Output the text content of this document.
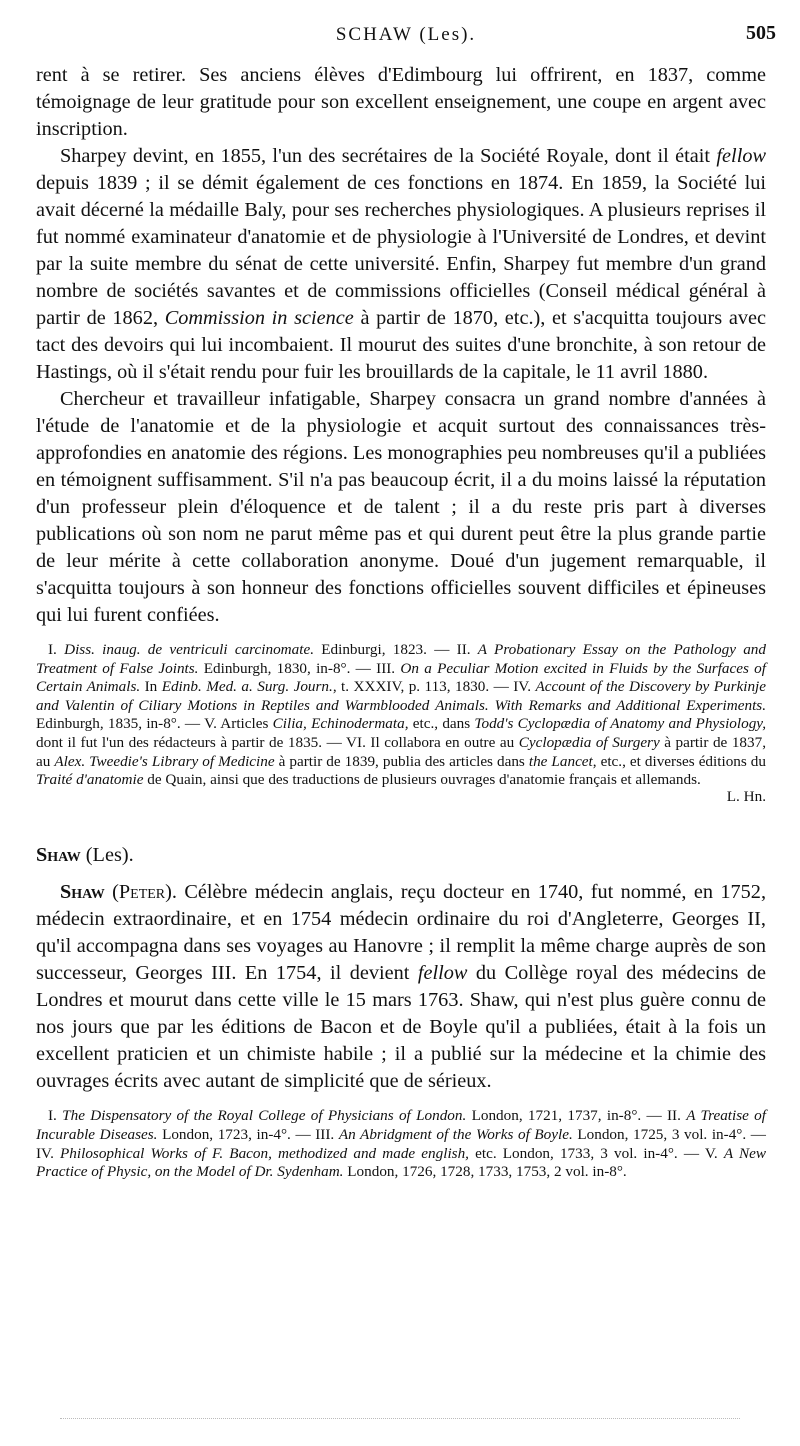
SCHAW (Les).	505

rent à se retirer. Ses anciens élèves d'Edimbourg lui offrirent, en 1837, comme témoignage de leur gratitude pour son excellent enseignement, une coupe en argent avec inscription.

Sharpey devint, en 1855, l'un des secrétaires de la Société Royale, dont il était fellow depuis 1839 ; il se démit également de ces fonctions en 1874. En 1859, la Société lui avait décerné la médaille Baly, pour ses recherches physiologiques. A plusieurs reprises il fut nommé examinateur d'anatomie et de physiologie à l'Université de Londres, et devint par la suite membre du sénat de cette université. Enfin, Sharpey fut membre d'un grand nombre de sociétés savantes et de commissions officielles (Conseil médical général à partir de 1862, Commission in science à partir de 1870, etc.), et s'acquitta toujours avec tact des devoirs qui lui incombaient. Il mourut des suites d'une bronchite, à son retour de Hastings, où il s'était rendu pour fuir les brouillards de la capitale, le 11 avril 1880.

Chercheur et travailleur infatigable, Sharpey consacra un grand nombre d'années à l'étude de l'anatomie et de la physiologie et acquit surtout des connaissances très-approfondies en anatomie des régions. Les monographies peu nombreuses qu'il a publiées en témoignent suffisamment. S'il n'a pas beaucoup écrit, il a du moins laissé la réputation d'un professeur plein d'éloquence et de talent ; il a du reste pris part à diverses publications où son nom ne parut même pas et qui durent peut être la plus grande partie de leur mérite à cette collaboration anonyme. Doué d'un jugement remarquable, il s'acquitta toujours à son honneur des fonctions officielles souvent difficiles et épineuses qui lui furent confiées.

I. Diss. inaug. de ventriculi carcinomate. Edinburgi, 1823. — II. A Probationary Essay on the Pathology and Treatment of False Joints. Edinburgh, 1830, in-8°. — III. On a Peculiar Motion excited in Fluids by the Surfaces of Certain Animals. In Edinb. Med. a. Surg. Journ., t. XXXIV, p. 113, 1830. — IV. Account of the Discovery by Purkinje and Valentin of Ciliary Motions in Reptiles and Warmblooded Animals. With Remarks and Additional Experiments. Edinburgh, 1835, in-8°. — V. Articles Cilia, Echinodermata, etc., dans Todd's Cyclopædia of Anatomy and Physiology, dont il fut l'un des rédacteurs à partir de 1835. — VI. Il collabora en outre au Cyclopædia of Surgery à partir de 1837, au Alex. Tweedie's Library of Medicine à partir de 1839, publia des articles dans the Lancet, etc., et diverses éditions du Traité d'anatomie de Quain, ainsi que des traductions de plusieurs ouvrages d'anatomie français et allemands.

L. Hn.
Shaw (Les).

Shaw (Peter). Célèbre médecin anglais, reçu docteur en 1740, fut nommé, en 1752, médecin extraordinaire, et en 1754 médecin ordinaire du roi d'Angleterre, Georges II, qu'il accompagna dans ses voyages au Hanovre ; il remplit la même charge auprès de son successeur, Georges III. En 1754, il devient fellow du Collège royal des médecins de Londres et mourut dans cette ville le 15 mars 1763. Shaw, qui n'est plus guère connu de nos jours que par les éditions de Bacon et de Boyle qu'il a publiées, était à la fois un excellent praticien et un chimiste habile ; il a publié sur la médecine et la chimie des ouvrages écrits avec autant de simplicité que de sérieux.

I. The Dispensatory of the Royal College of Physicians of London. London, 1721, 1737, in-8°. — II. A Treatise of Incurable Diseases. London, 1723, in-4°. — III. An Abridgment of the Works of Boyle. London, 1725, 3 vol. in-4°. — IV. Philosophical Works of F. Bacon, methodized and made english, etc. London, 1733, 3 vol. in-4°. — V. A New Practice of Physic, on the Model of Dr. Sydenham. London, 1726, 1728, 1733, 1753, 2 vol. in-8°.
